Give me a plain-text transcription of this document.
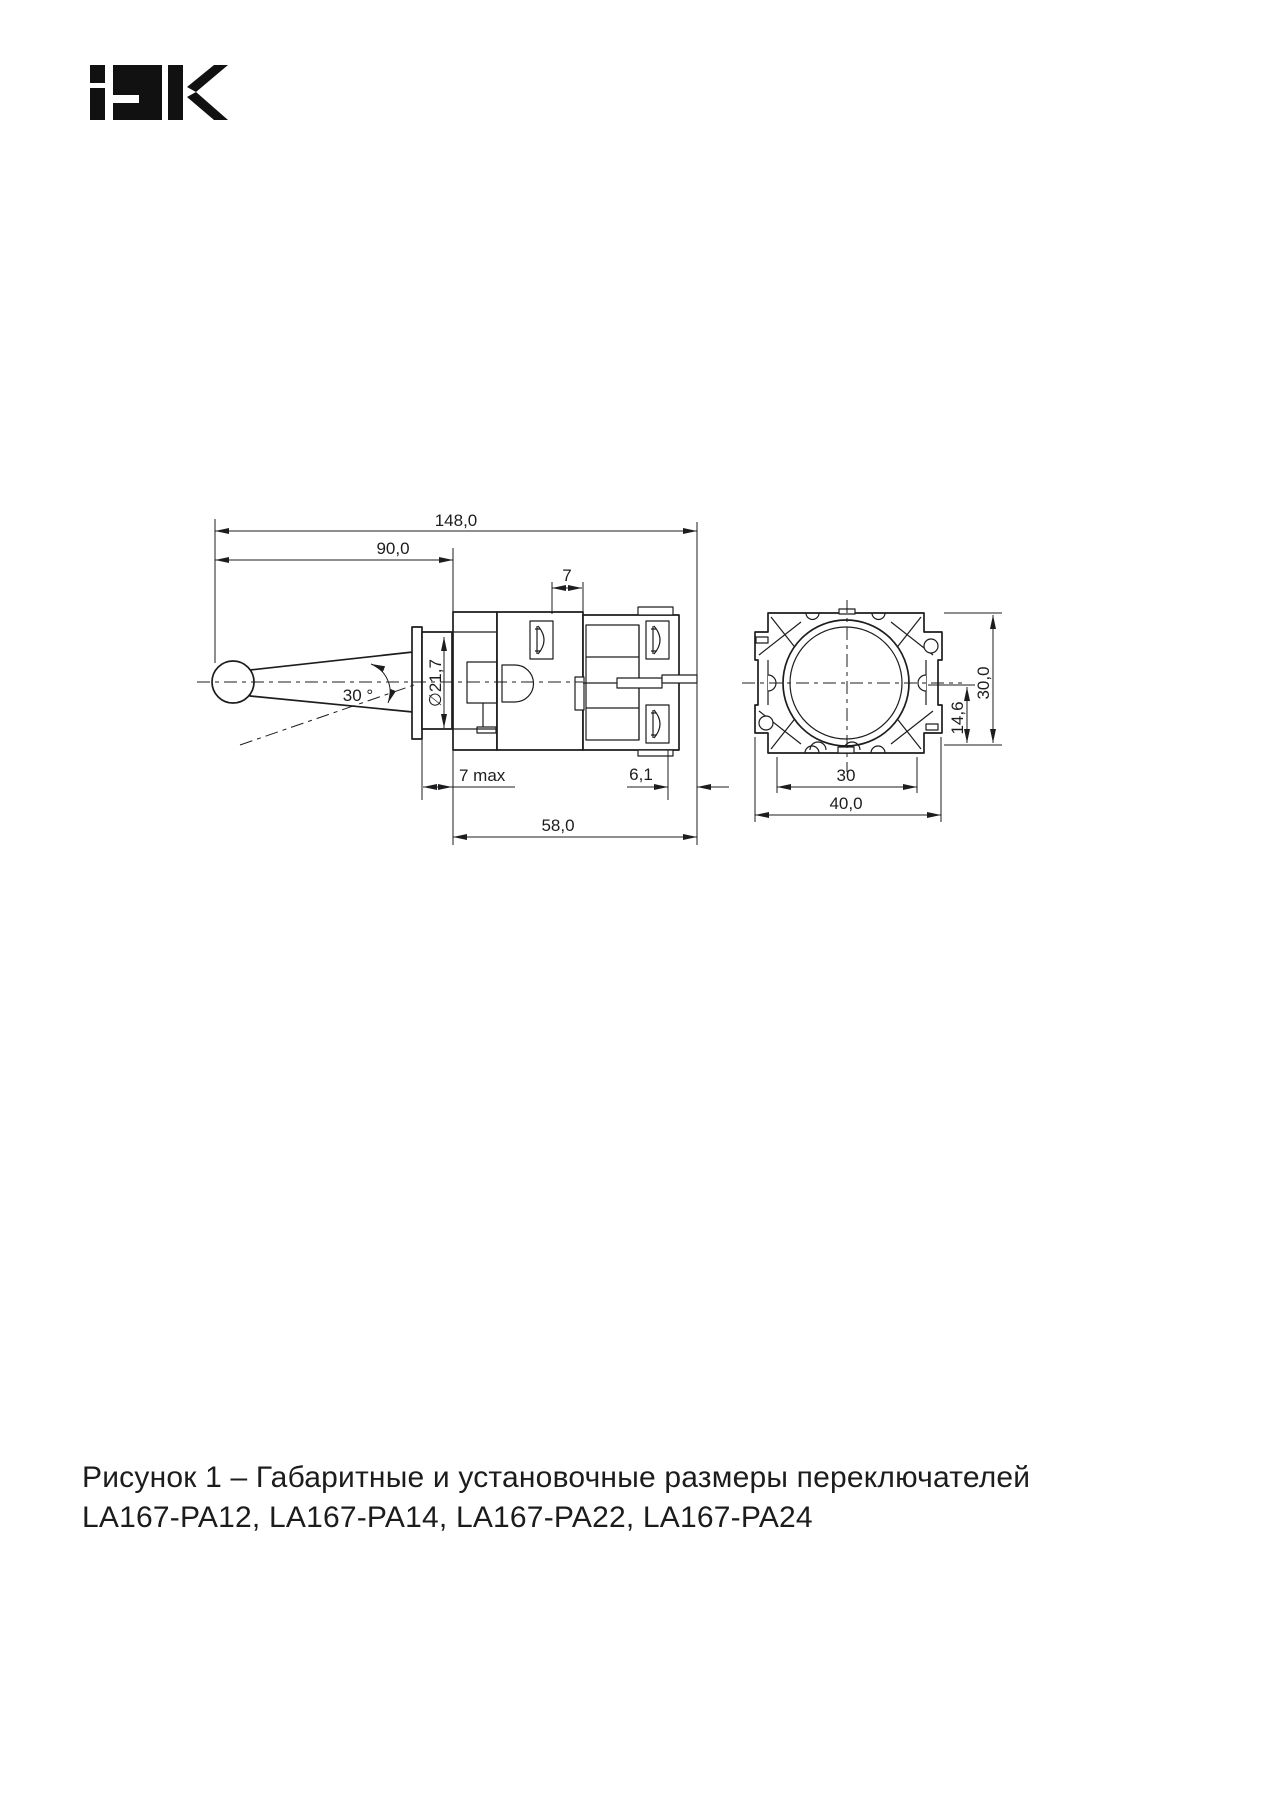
148,0
90,0
7
∅21,7
7 max	6,1
58,0
30,0
14,6
30
40,0
30 °
Рисунок 1 – Габаритные и установочные размеры переключателей
LA167-PA12, LA167-PA14, LA167-PA22, LA167-PA24
